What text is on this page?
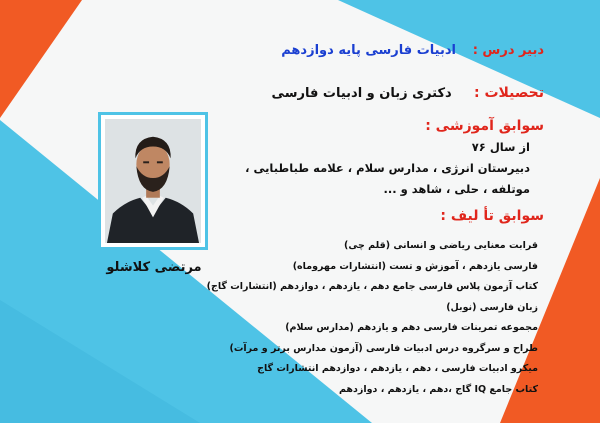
دبیر درس :   ادبیات فارسی پایه دوازدهم
تحصیلات :    دکتری زبان و ادبیات فارسی
سوابق آموزشی :
از سال ۷۶
دبیرستان انرژی ، مدارس سلام ، علامه طباطبایی ،
موتلفه ، حلی ، شاهد و ...
سوابق تأ لیف :
قرابت معنایی ریاضی و انسانی (قلم چی)
فارسی یازدهم ، آموزش و تست (انتشارات مهروماه)
کتاب آزمون پلاس فارسی جامع دهم ، یازدهم ، دوازدهم (انتشارات گاج)
زبان فارسی (نوبل)
مجموعه تمرینات فارسی دهم و یازدهم (مدارس سلام)
طراح و سرگروه درس ادبیات فارسی (آزمون مدارس برتر و مرآت)
میکرو ادبیات فارسی ، دهم ، یازدهم ، دوازدهم انتشارات گاج
کتاب جامع IQ گاج ،دهم ، یازدهم ، دوازدهم
مرتضی کلاشلو
